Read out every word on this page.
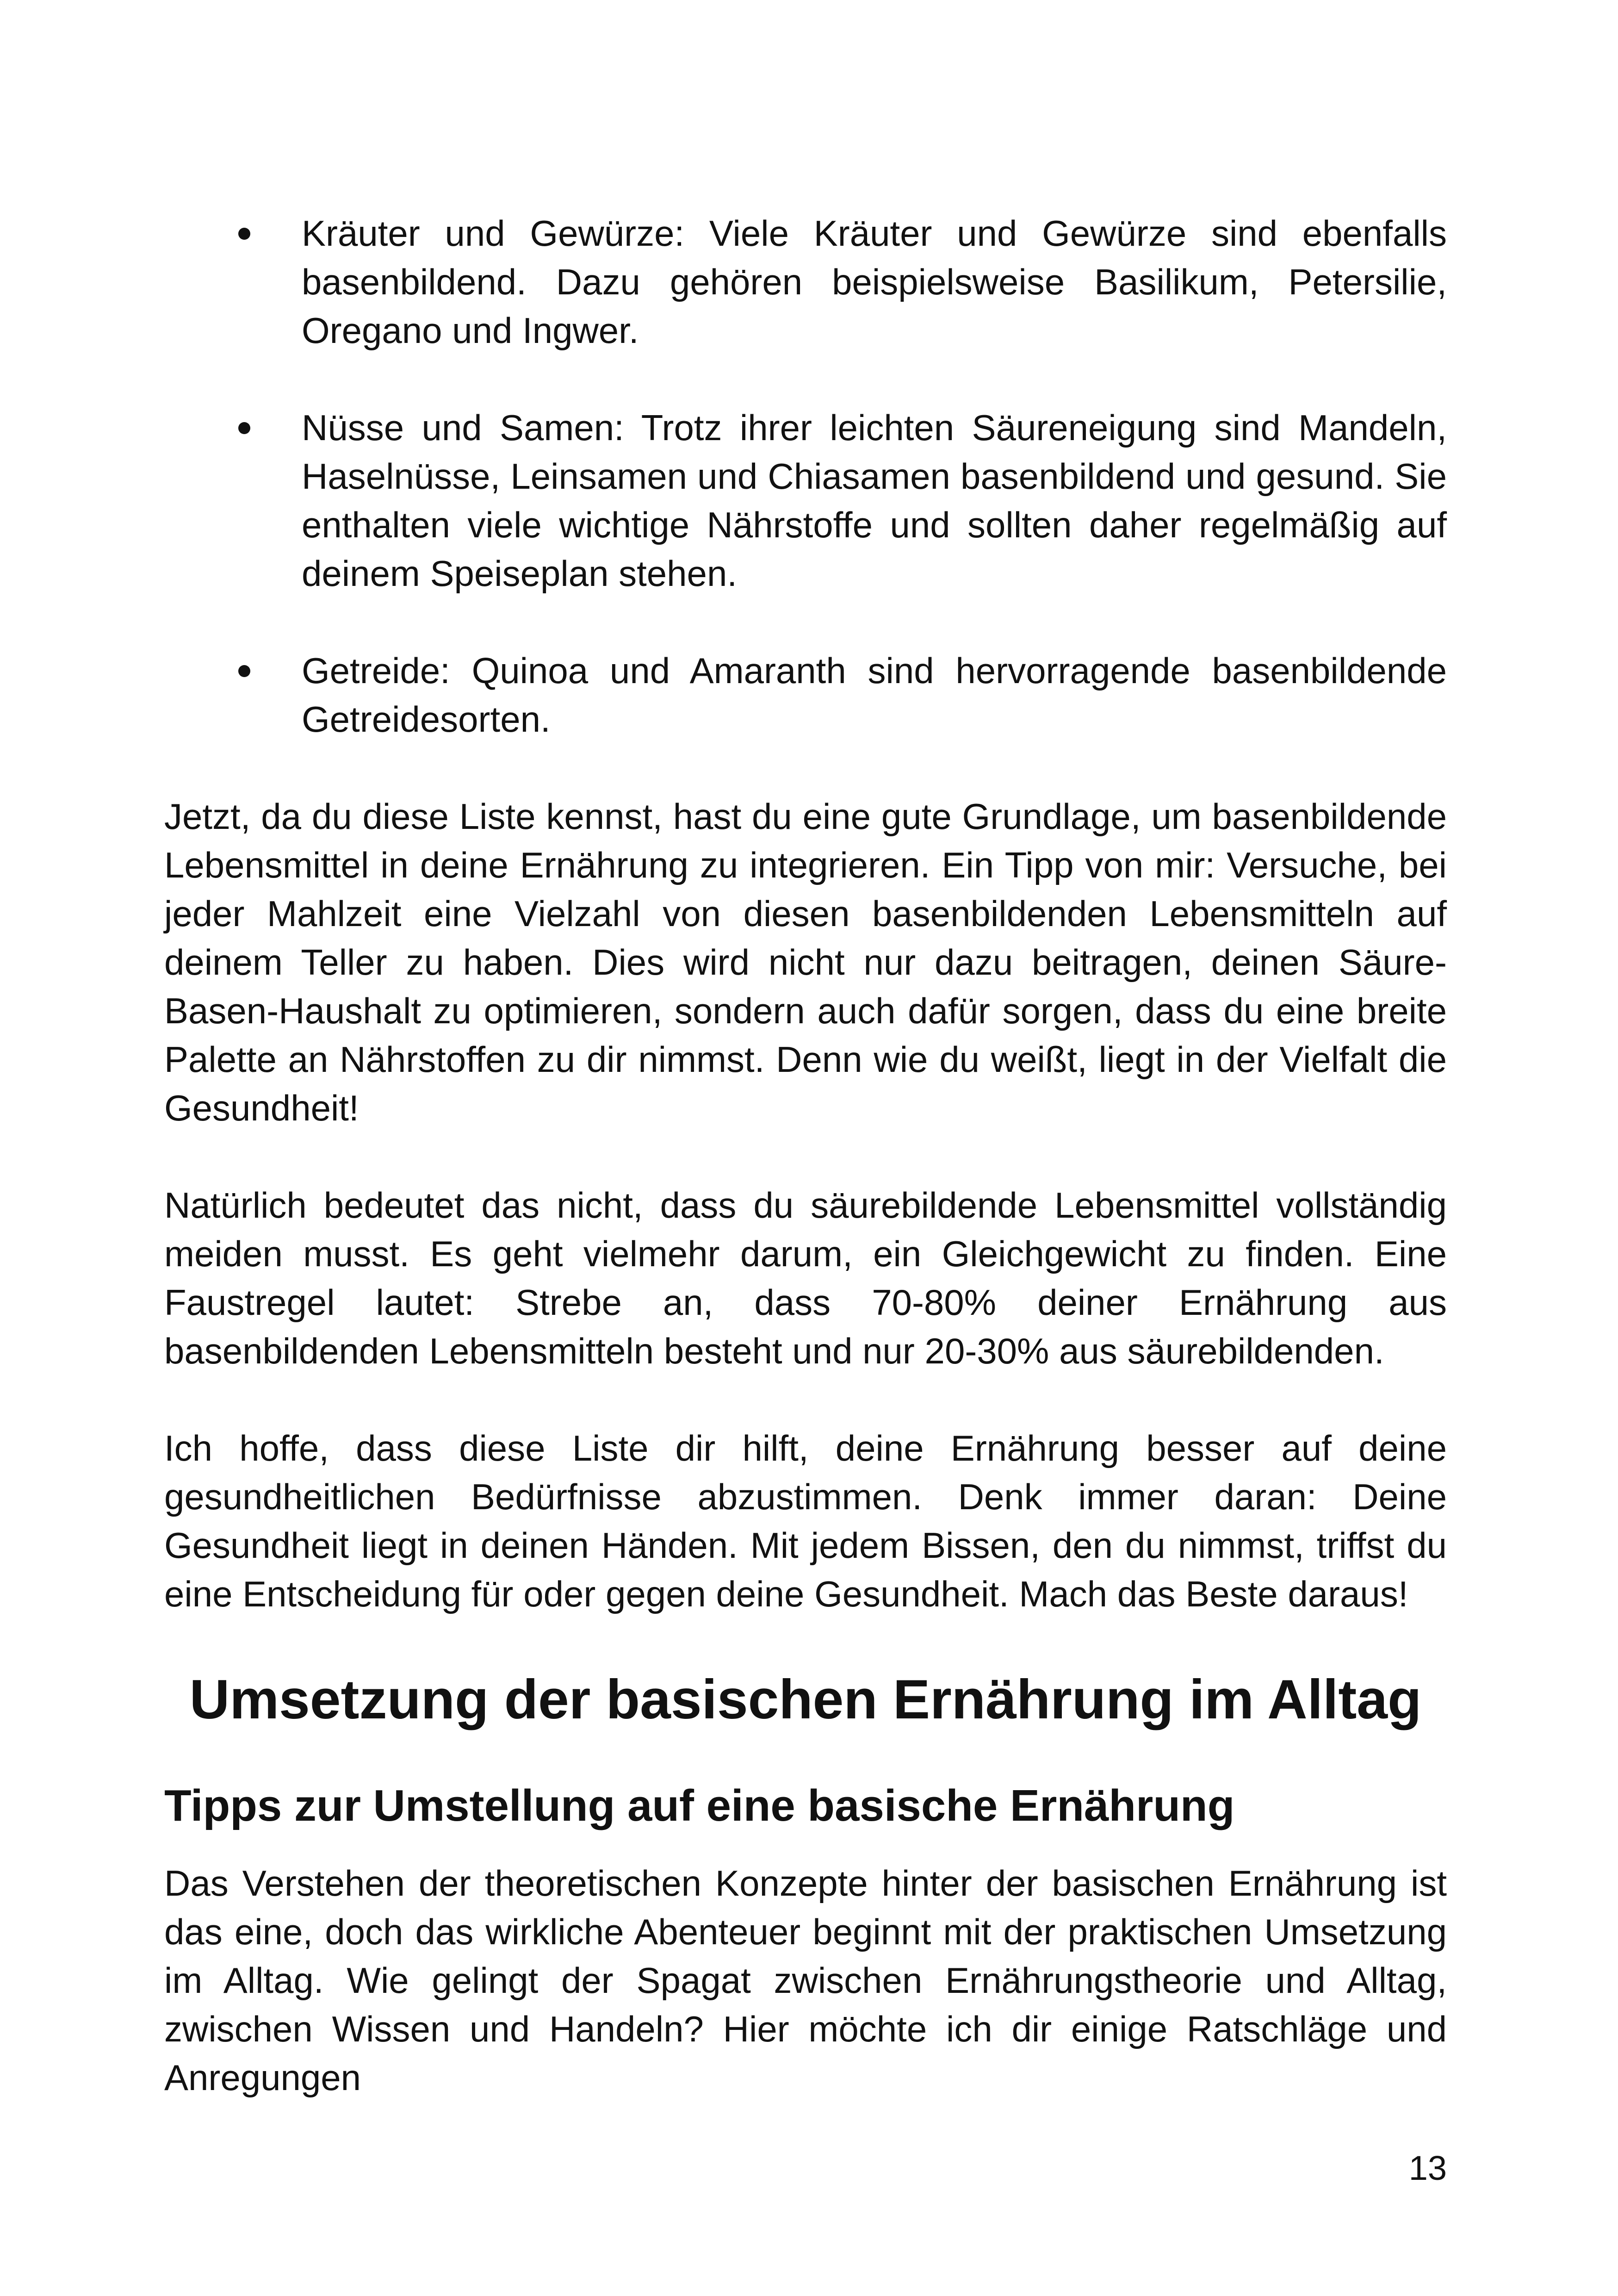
Kräuter und Gewürze: Viele Kräuter und Gewürze sind ebenfalls basenbildend. Dazu gehören beispielsweise Basilikum, Petersilie, Oregano und Ingwer.
Nüsse und Samen: Trotz ihrer leichten Säureneigung sind Mandeln, Haselnüsse, Leinsamen und Chiasamen basenbildend und gesund. Sie enthalten viele wichtige Nährstoffe und sollten daher regelmäßig auf deinem Speiseplan stehen.
Getreide: Quinoa und Amaranth sind hervorragende basenbildende Getreidesorten.

Jetzt, da du diese Liste kennst, hast du eine gute Grundlage, um basenbildende Lebensmittel in deine Ernährung zu integrieren. Ein Tipp von mir: Versuche, bei jeder Mahlzeit eine Vielzahl von diesen basenbildenden Lebensmitteln auf deinem Teller zu haben. Dies wird nicht nur dazu beitragen, deinen Säure-Basen-Haushalt zu optimieren, sondern auch dafür sorgen, dass du eine breite Palette an Nährstoffen zu dir nimmst. Denn wie du weißt, liegt in der Vielfalt die Gesundheit!

Natürlich bedeutet das nicht, dass du säurebildende Lebensmittel vollständig meiden musst. Es geht vielmehr darum, ein Gleichgewicht zu finden. Eine Faustregel lautet: Strebe an, dass 70-80% deiner Ernährung aus basenbildenden Lebensmitteln besteht und nur 20-30% aus säurebildenden.

Ich hoffe, dass diese Liste dir hilft, deine Ernährung besser auf deine gesundheitlichen Bedürfnisse abzustimmen. Denk immer daran: Deine Gesundheit liegt in deinen Händen. Mit jedem Bissen, den du nimmst, triffst du eine Entscheidung für oder gegen deine Gesundheit. Mach das Beste daraus!

Umsetzung der basischen Ernährung im Alltag
Tipps zur Umstellung auf eine basische Ernährung

Das Verstehen der theoretischen Konzepte hinter der basischen Ernährung ist das eine, doch das wirkliche Abenteuer beginnt mit der praktischen Umsetzung im Alltag. Wie gelingt der Spagat zwischen Ernährungstheorie und Alltag, zwischen Wissen und Handeln? Hier möchte ich dir einige Ratschläge und Anregungen

13
